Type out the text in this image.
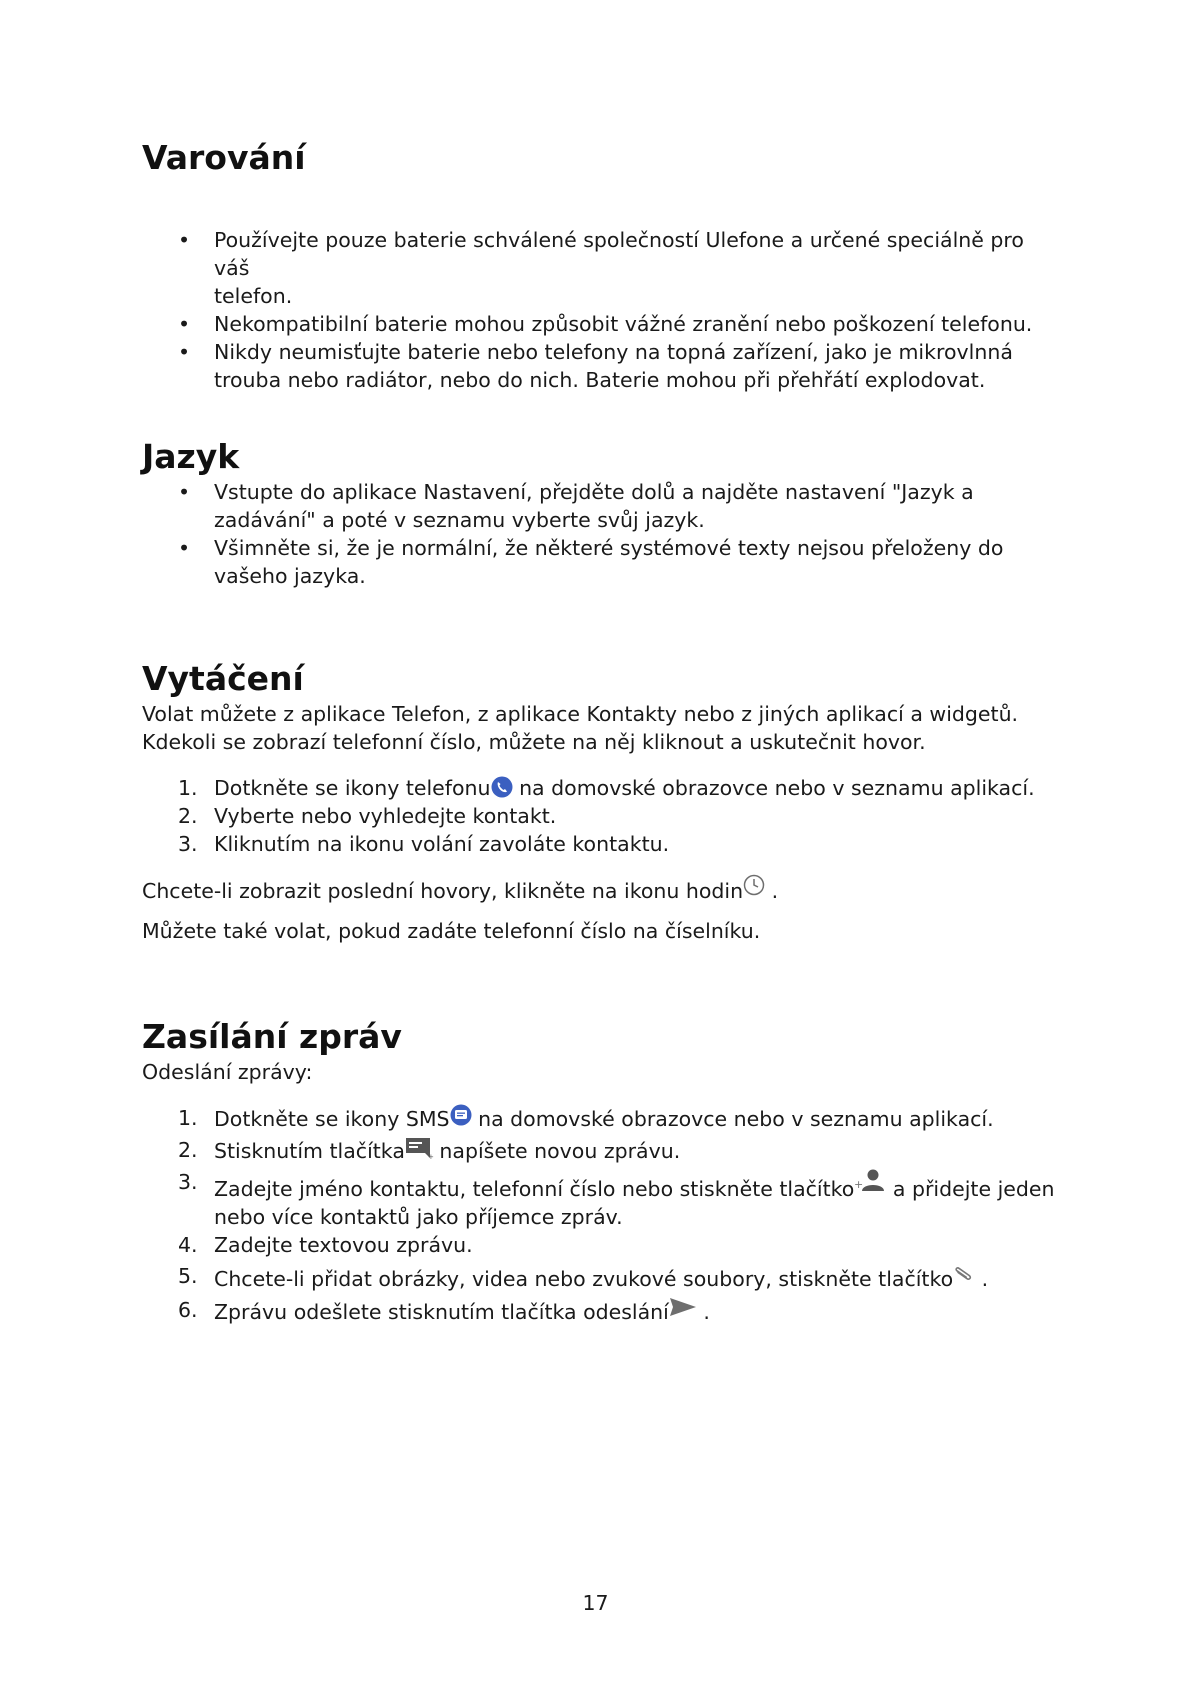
Varování
• Používejte pouze baterie schválené společností Ulefone a určené speciálně pro váš
telefon.
• Nekompatibilní baterie mohou způsobit vážné zranění nebo poškození telefonu.
• Nikdy neumisťujte baterie nebo telefony na topná zařízení, jako je mikrovlnná
trouba nebo radiátor, nebo do nich. Baterie mohou při přehřátí explodovat.
Jazyk
• Vstupte do aplikace Nastavení, přejděte dolů a najděte nastavení "Jazyk a
zadávání" a poté v seznamu vyberte svůj jazyk.
• Všimněte si, že je normální, že některé systémové texty nejsou přeloženy do
vašeho jazyka.
Vytáčení
Volat můžete z aplikace Telefon, z aplikace Kontakty nebo z jiných aplikací a widgetů.
Kdekoli se zobrazí telefonní číslo, můžete na něj kliknout a uskutečnit hovor.
1. Dotkněte se ikony telefonu na domovské obrazovce nebo v seznamu aplikací.
2. Vyberte nebo vyhledejte kontakt.
3. Kliknutím na ikonu volání zavoláte kontaktu.
Chcete-li zobrazit poslední hovory, klikněte na ikonu hodin .
Můžete také volat, pokud zadáte telefonní číslo na číselníku.
Zasílání zpráv
Odeslání zprávy:
1. Dotkněte se ikony SMS na domovské obrazovce nebo v seznamu aplikací.
2. Stisknutím tlačítka	+ napíšete novou zprávu.
3. Zadejte jméno kontaktu, telefonní číslo nebo stiskněte tlačítko + a přidejte jeden
nebo více kontaktů jako příjemce zpráv.
4. Zadejte textovou zprávu.
5. Chcete-li přidat obrázky, videa nebo zvukové soubory, stiskněte tlačítko .
6. Zprávu odešlete stisknutím tlačítka odeslání .
17
